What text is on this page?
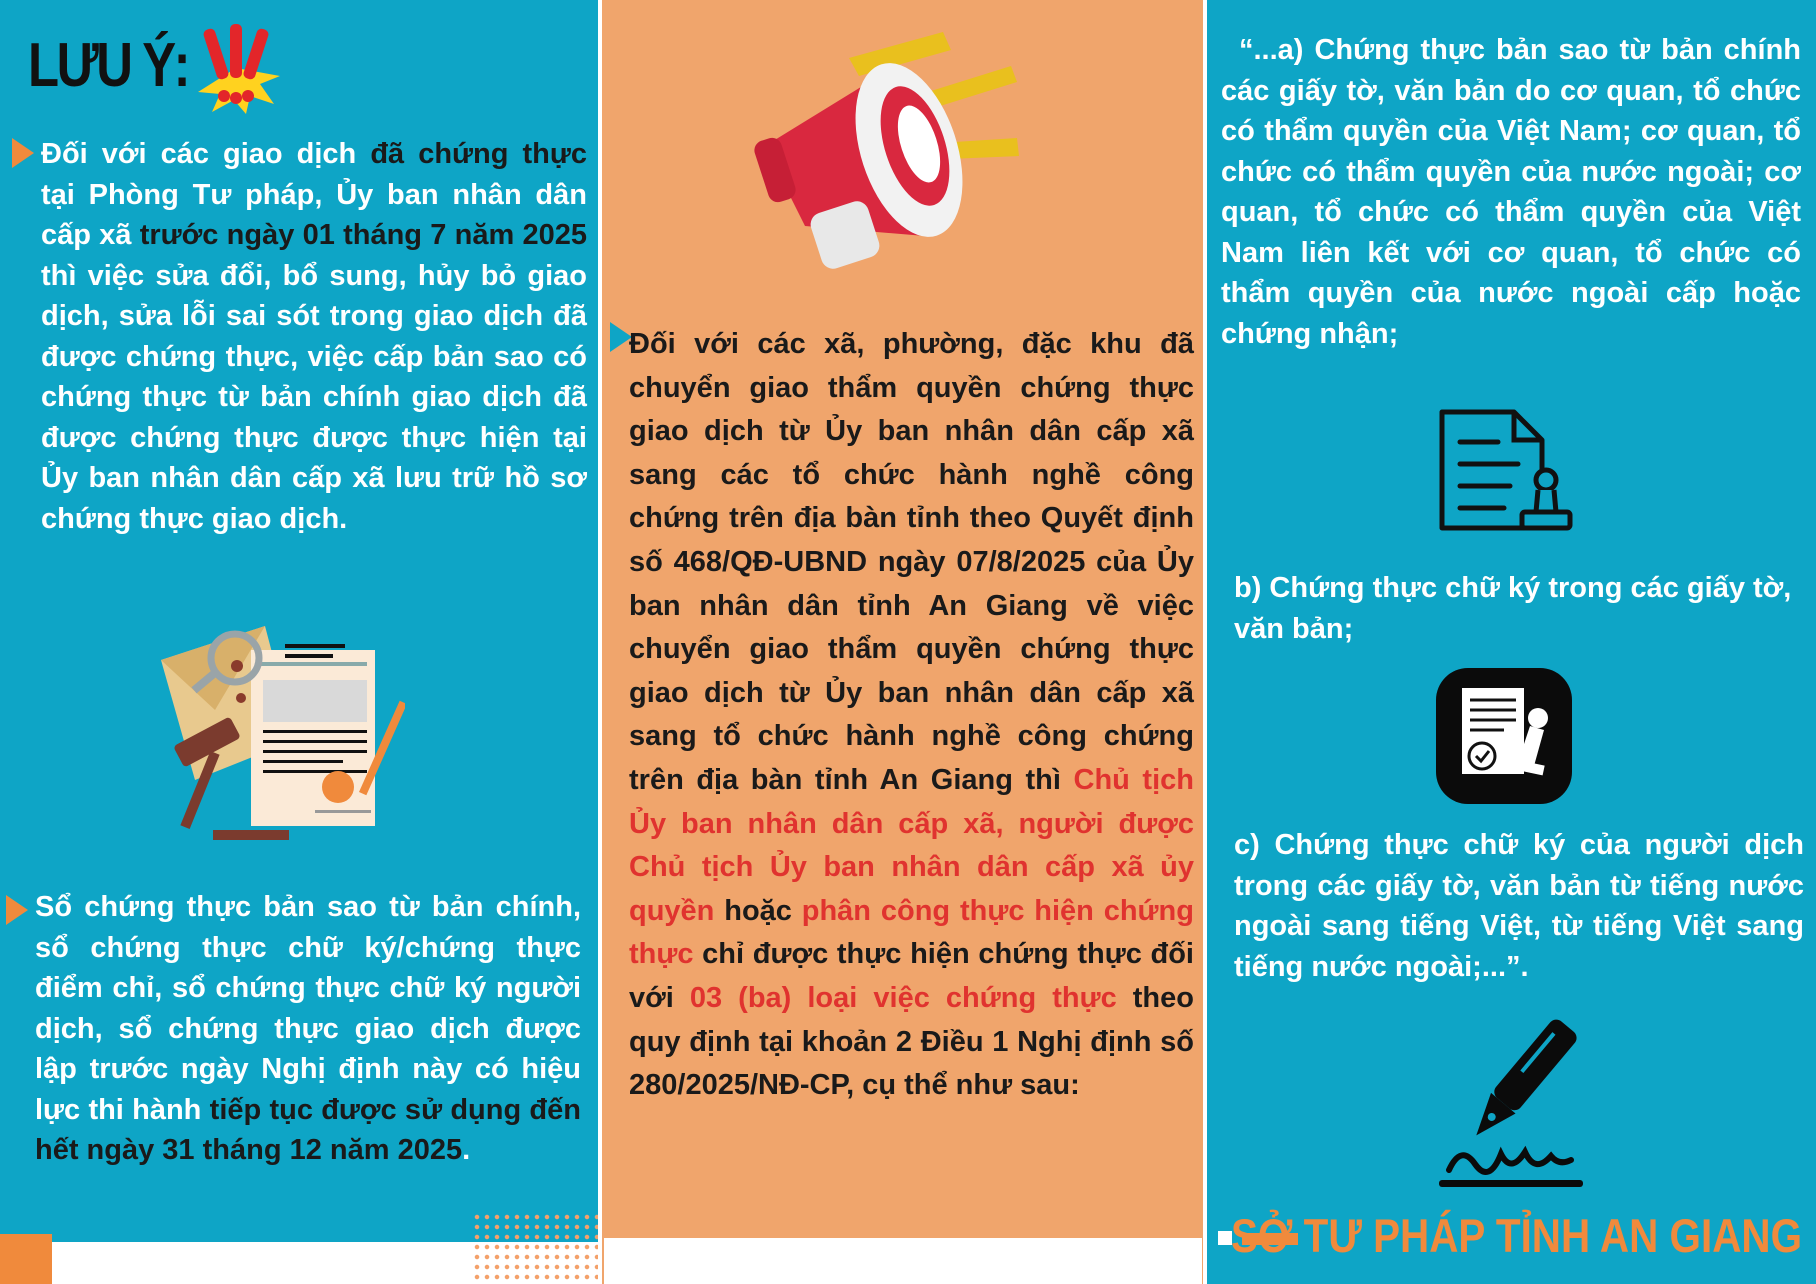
LƯU Ý:
Đối với các giao dịch đã chứng thực tại Phòng Tư pháp, Ủy ban nhân dân cấp xã trước ngày 01 tháng 7 năm 2025 thì việc sửa đổi, bổ sung, hủy bỏ giao dịch, sửa lỗi sai sót trong giao dịch đã được chứng thực, việc cấp bản sao có chứng thực từ bản chính giao dịch đã được chứng thực được thực hiện tại Ủy ban nhân dân cấp xã lưu trữ hồ sơ chứng thực giao dịch.
Sổ chứng thực bản sao từ bản chính, sổ chứng thực chữ ký/chứng thực điểm chỉ, sổ chứng thực chữ ký người dịch, sổ chứng thực giao dịch được lập trước ngày Nghị định này có hiệu lực thi hành tiếp tục được sử dụng đến hết ngày 31 tháng 12 năm 2025.
Đối với các xã, phường, đặc khu đã chuyển giao thẩm quyền chứng thực giao dịch từ Ủy ban nhân dân cấp xã sang các tổ chức hành nghề công chứng trên địa bàn tỉnh theo Quyết định số 468/QĐ-UBND ngày 07/8/2025 của Ủy ban nhân dân tỉnh An Giang về việc chuyển giao thẩm quyền chứng thực giao dịch từ Ủy ban nhân dân cấp xã sang tổ chức hành nghề công chứng trên địa bàn tỉnh An Giang thì Chủ tịch Ủy ban nhân dân cấp xã, người được Chủ tịch Ủy ban nhân dân cấp xã ủy quyền hoặc phân công thực hiện chứng thực chỉ được thực hiện chứng thực đối với 03 (ba) loại việc chứng thực theo quy định tại khoản 2 Điều 1 Nghị định số 280/2025/NĐ-CP, cụ thể như sau:
“...a) Chứng thực bản sao từ bản chính các giấy tờ, văn bản do cơ quan, tổ chức có thẩm quyền của Việt Nam; cơ quan, tổ chức có thẩm quyền của nước ngoài; cơ quan, tổ chức có thẩm quyền của Việt Nam liên kết với cơ quan, tổ chức có thẩm quyền của nước ngoài cấp hoặc chứng nhận;
b) Chứng thực chữ ký trong các giấy tờ, văn bản;
c) Chứng thực chữ ký của người dịch trong các giấy tờ, văn bản từ tiếng nước ngoài sang tiếng Việt, từ tiếng Việt sang tiếng nước ngoài;...”.
SỞ TƯ PHÁP TỈNH AN GIANG
